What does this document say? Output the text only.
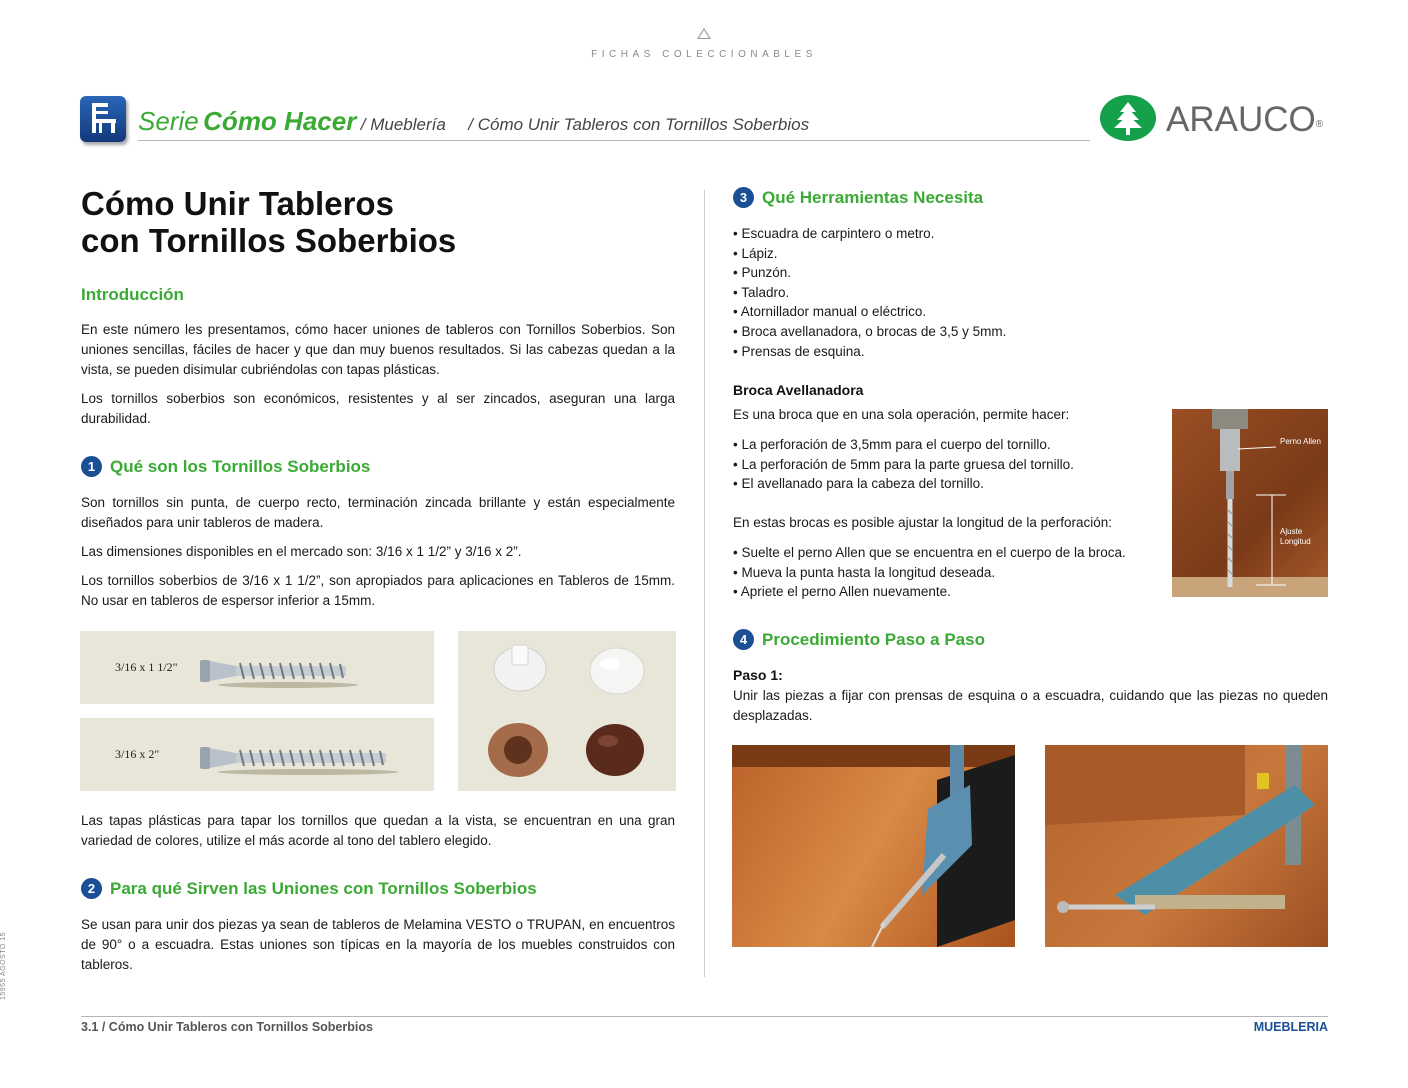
FICHAS COLECCIONABLES
Serie Cómo Hacer / Mueblería / Cómo Unir Tableros con Tornillos Soberbios	ARAUCO®
Cómo Unir Tableros
con Tornillos Soberbios
Introducción

En este número les presentamos, cómo hacer uniones de tableros con Tornillos Soberbios. Son uniones sencillas, fáciles de hacer y que dan muy buenos resultados. Si las cabezas quedan a la vista, se pueden disimular cubriéndolas con tapas plásticas.

Los tornillos soberbios son económicos, resistentes y al ser zincados, aseguran una larga durabilidad.

1 Qué son los Tornillos Soberbios

Son tornillos sin punta, de cuerpo recto, terminación zincada brillante y están especialmente diseñados para unir tableros de madera.

Las dimensiones disponibles en el mercado son: 3/16 x 1 1/2” y 3/16 x 2”.

Los tornillos soberbios de 3/16 x 1 1/2”, son apropiados para aplicaciones en Tableros de 15mm. No usar en tableros de espersor inferior a 15mm.

3/16 x 1 1/2"
3/16 x 2"

Las tapas plásticas para tapar los tornillos que quedan a la vista, se encuentran en una gran variedad de colores, utilize el más acorde al tono del tablero elegido.

2 Para qué Sirven las Uniones con Tornillos Soberbios

Se usan para unir dos piezas ya sean de tableros de Melamina VESTO o TRUPAN, en encuentros de 90° o a escuadra. Estas uniones son típicas en la mayoría de los muebles construidos con tableros.

3 Qué Herramientas Necesita
• Escuadra de carpintero o metro.
• Lápiz.
• Punzón.
• Taladro.
• Atornillador manual o eléctrico.
• Broca avellanadora, o brocas de 3,5 y 5mm.
• Prensas de esquina.
Broca Avellanadora
Es una broca que en una sola operación, permite hacer:
• La perforación de 3,5mm para el cuerpo del tornillo.
• La perforación de 5mm para la parte gruesa del tornillo.
• El avellanado para la cabeza del tornillo.
En estas brocas es posible ajustar la longitud de la perforación:
• Suelte el perno Allen que se encuentra en el cuerpo de la broca.
• Mueva la punta hasta la longitud deseada.
• Apriete el perno Allen nuevamente.
Perno Allen
Ajuste Longitud
4 Procedimiento Paso a Paso
Paso 1:
Unir las piezas a fijar con prensas de esquina o a escuadra, cuidando que las piezas no queden desplazadas.
3.1 / Cómo Unir Tableros con Tornillos Soberbios	MUEBLERIA
15955 AGOSTO 15
